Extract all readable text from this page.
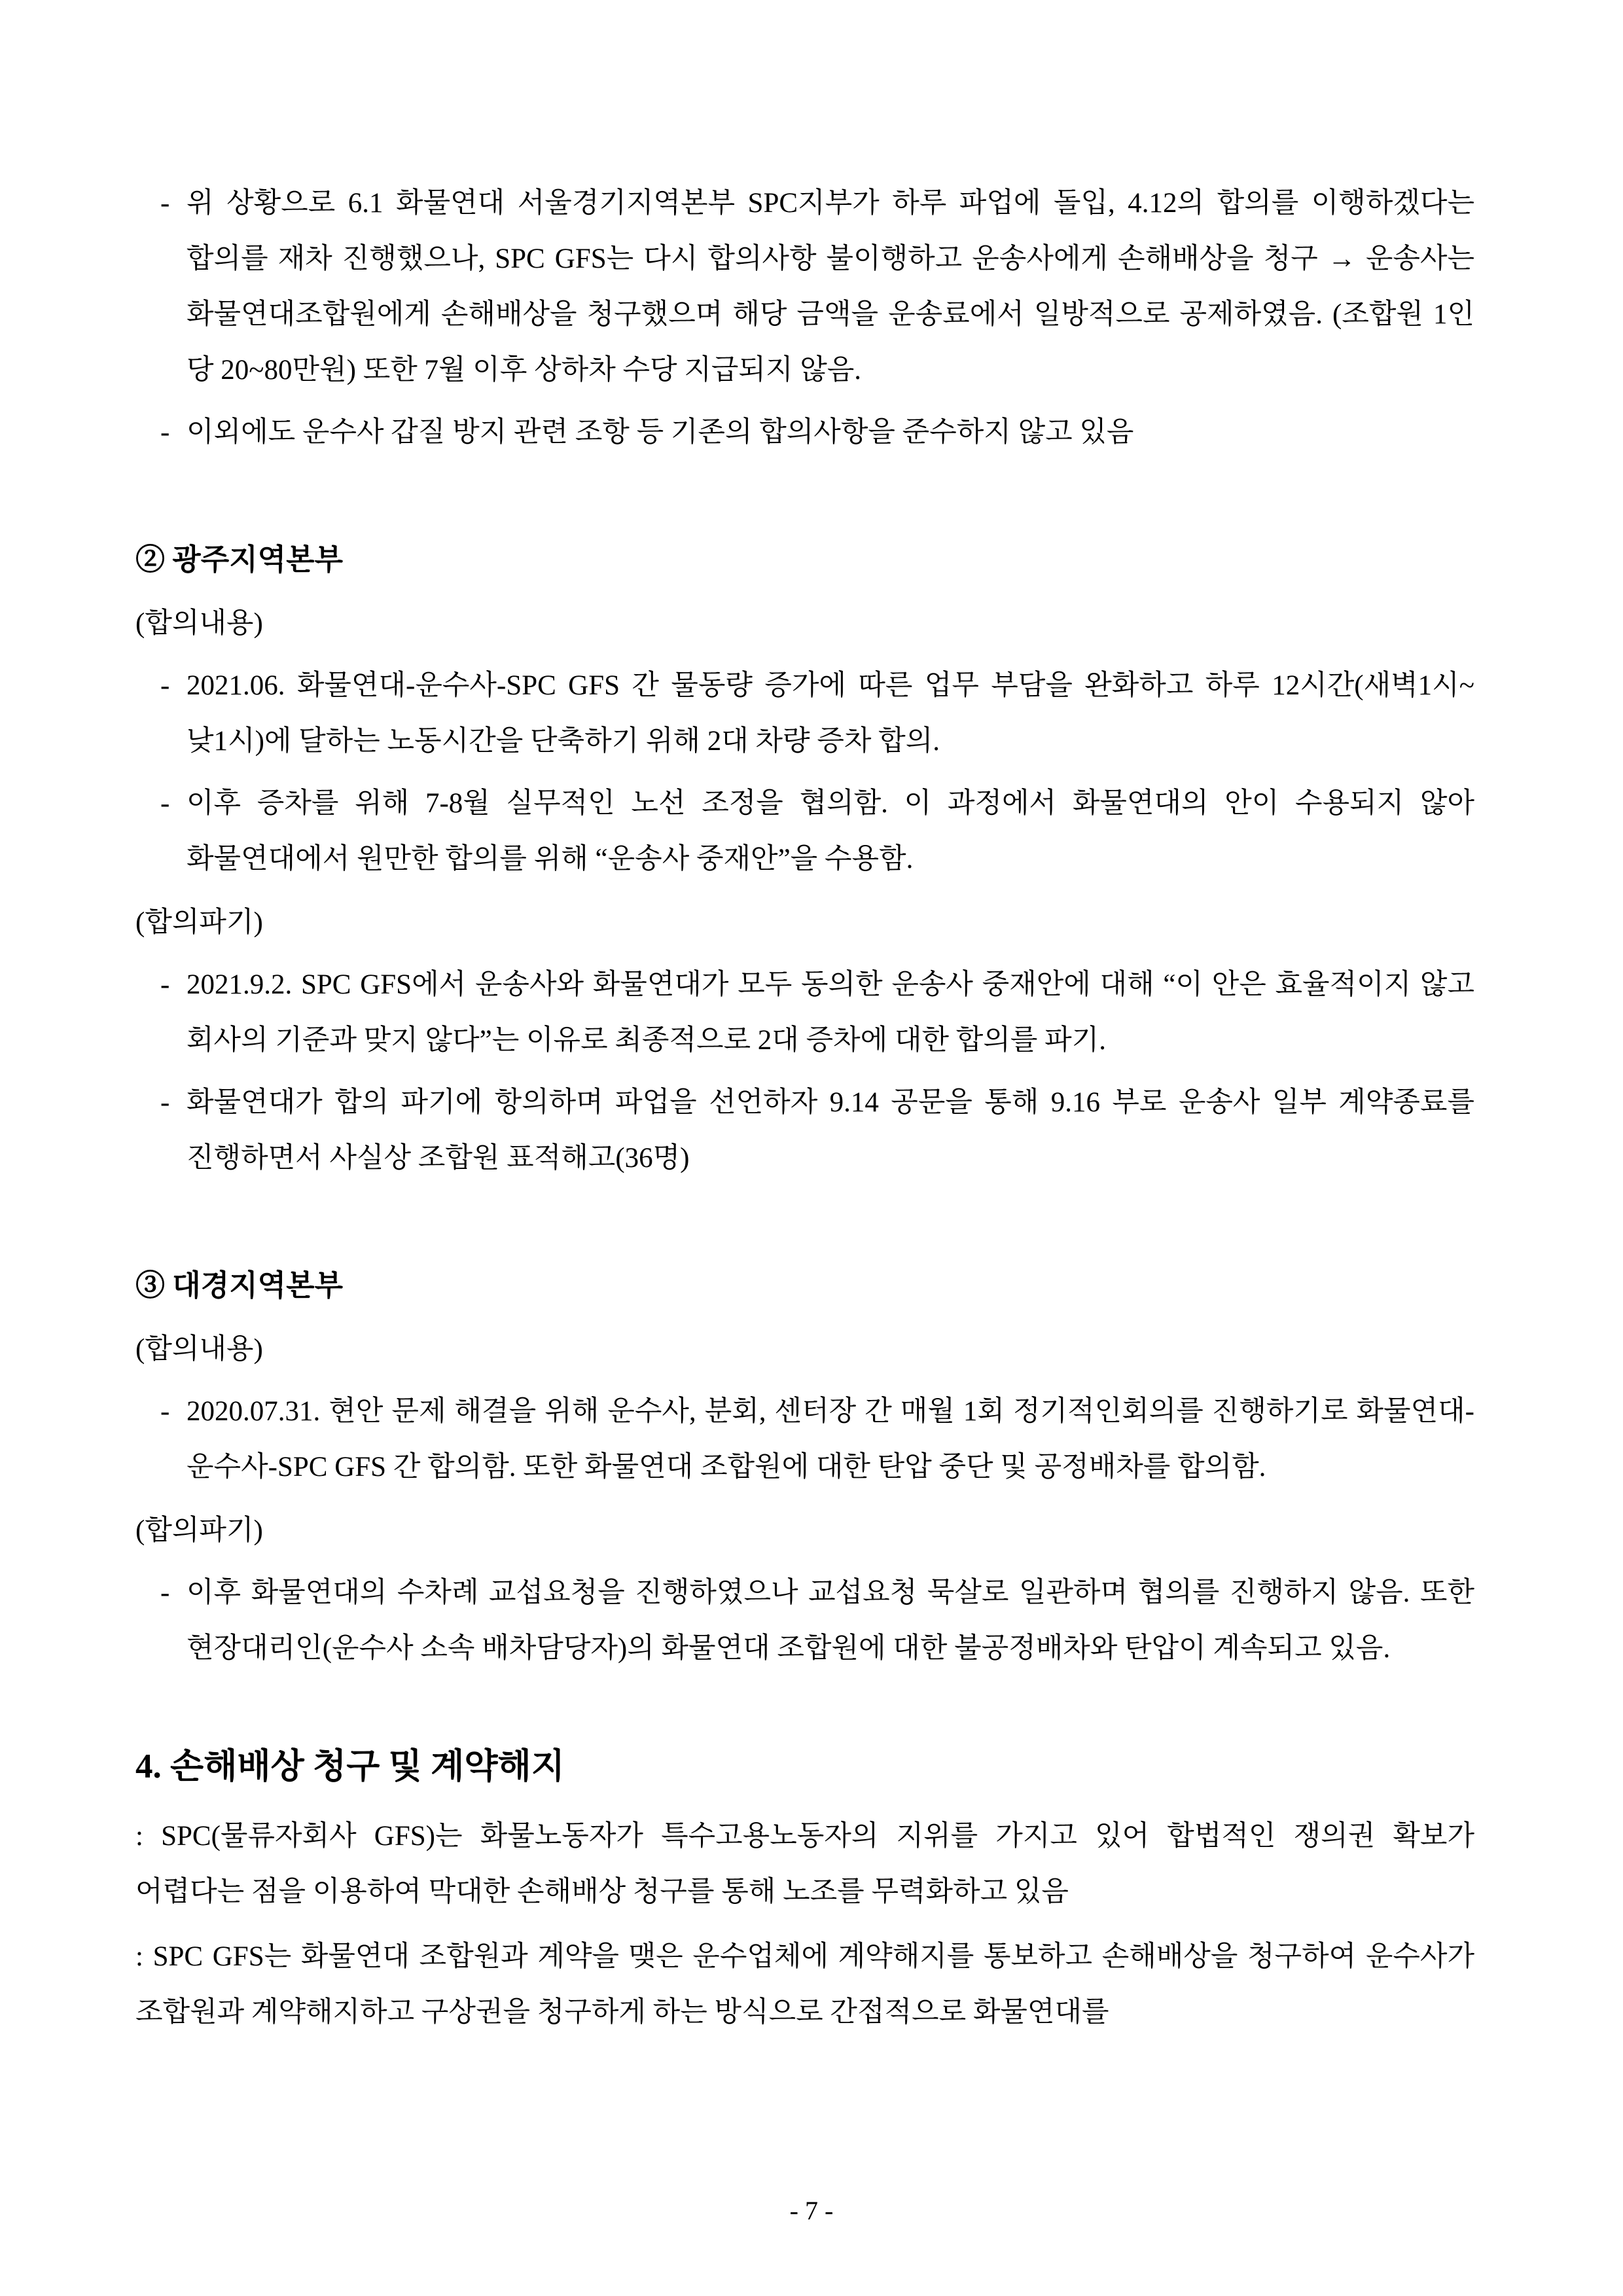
- 위 상황으로 6.1 화물연대 서울경기지역본부 SPC지부가 하루 파업에 돌입, 4.12의 합의를 이행하겠다는 합의를 재차 진행했으나, SPC GFS는 다시 합의사항 불이행하고 운송사에게 손해배상을 청구 → 운송사는 화물연대조합원에게 손해배상을 청구했으며 해당 금액을 운송료에서 일방적으로 공제하였음. (조합원 1인 당 20~80만원) 또한 7월 이후 상하차 수당 지급되지 않음.
- 이외에도 운수사 갑질 방지 관련 조항 등 기존의 합의사항을 준수하지 않고 있음
② 광주지역본부
(합의내용)
- 2021.06. 화물연대-운수사-SPC GFS 간 물동량 증가에 따른 업무 부담을 완화하고 하루 12시간(새벽1시~낮1시)에 달하는 노동시간을 단축하기 위해 2대 차량 증차 합의.
- 이후 증차를 위해 7-8월 실무적인 노선 조정을 협의함. 이 과정에서 화물연대의 안이 수용되지 않아 화물연대에서 원만한 합의를 위해 “운송사 중재안”을 수용함.
(합의파기)
- 2021.9.2. SPC GFS에서 운송사와 화물연대가 모두 동의한 운송사 중재안에 대해 “이 안은 효율적이지 않고 회사의 기준과 맞지 않다”는 이유로 최종적으로 2대 증차에 대한 합의를 파기.
- 화물연대가 합의 파기에 항의하며 파업을 선언하자 9.14 공문을 통해 9.16 부로 운송사 일부 계약종료를 진행하면서 사실상 조합원 표적해고(36명)
③ 대경지역본부
(합의내용)
- 2020.07.31. 현안 문제 해결을 위해 운수사, 분회, 센터장 간 매월 1회 정기적인회의를 진행하기로 화물연대-운수사-SPC GFS 간 합의함. 또한 화물연대 조합원에 대한 탄압 중단 및 공정배차를 합의함.
(합의파기)
- 이후 화물연대의 수차례 교섭요청을 진행하였으나 교섭요청 묵살로 일관하며 협의를 진행하지 않음. 또한 현장대리인(운수사 소속 배차담당자)의 화물연대 조합원에 대한 불공정배차와 탄압이 계속되고 있음.
4. 손해배상 청구 및 계약해지
: SPC(물류자회사 GFS)는 화물노동자가 특수고용노동자의 지위를 가지고 있어 합법적인 쟁의권 확보가 어렵다는 점을 이용하여 막대한 손해배상 청구를 통해 노조를 무력화하고 있음
: SPC GFS는 화물연대 조합원과 계약을 맺은 운수업체에 계약해지를 통보하고 손해배상을 청구하여 운수사가 조합원과 계약해지하고 구상권을 청구하게 하는 방식으로 간접적으로 화물연대를
- 7 -
